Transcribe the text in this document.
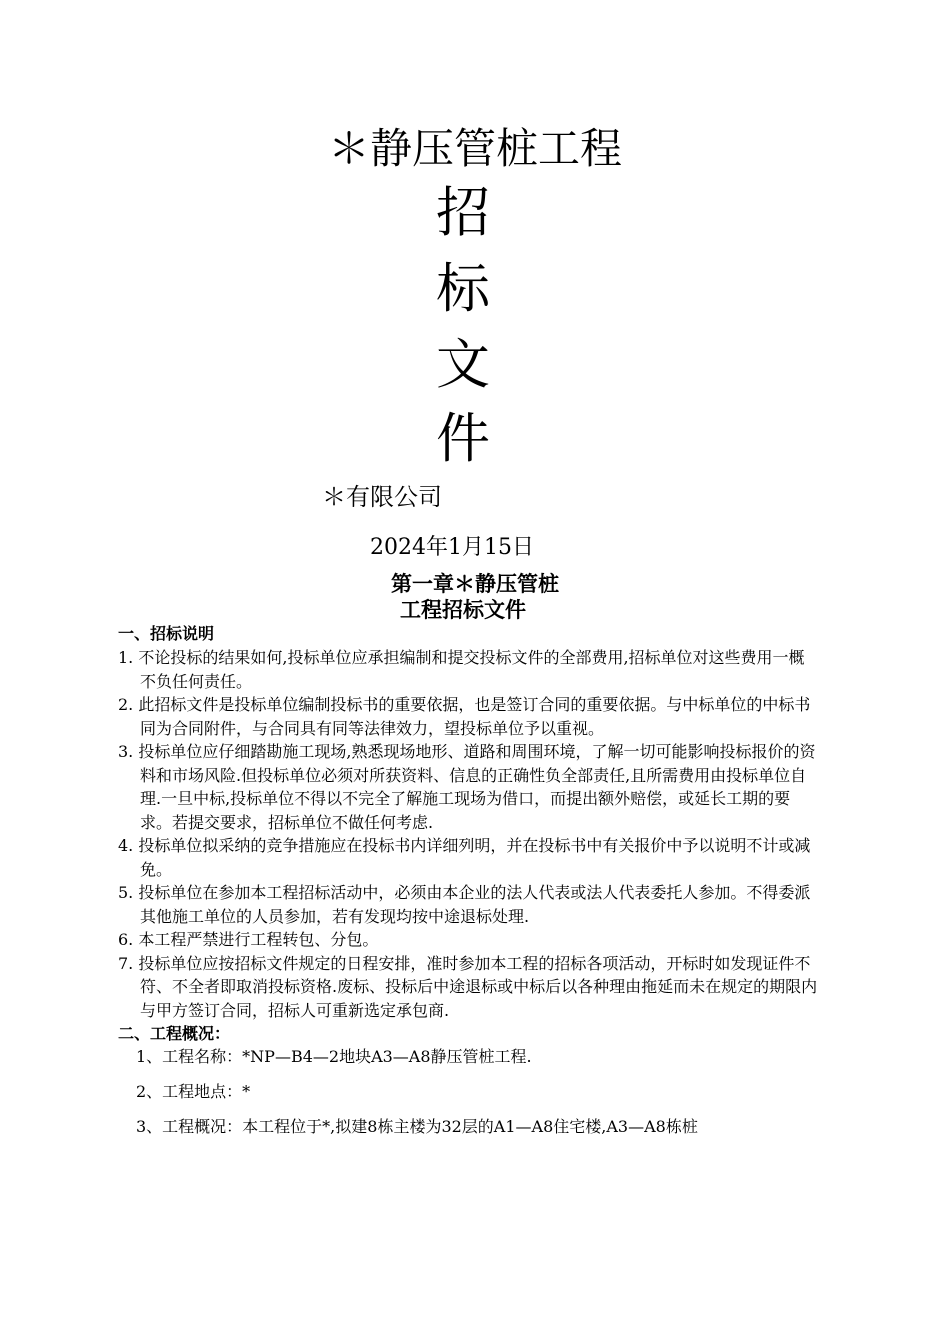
＊静压管桩工程
招
标
文
件
＊有限公司
2024年1月15日
第一章＊静压管桩
工程招标文件
一、招标说明
1. 不论投标的结果如何,投标单位应承担编制和提交投标文件的全部费用,招标单位对这些费用一概不负任何责任。
2. 此招标文件是投标单位编制投标书的重要依据，也是签订合同的重要依据。与中标单位的中标书同为合同附件，与合同具有同等法律效力，望投标单位予以重视。
3. 投标单位应仔细踏勘施工现场,熟悉现场地形、道路和周围环境，了解一切可能影响投标报价的资料和市场风险.但投标单位必须对所获资料、信息的正确性负全部责任,且所需费用由投标单位自理.一旦中标,投标单位不得以不完全了解施工现场为借口，而提出额外赔偿，或延长工期的要求。若提交要求，招标单位不做任何考虑.
4. 投标单位拟采纳的竞争措施应在投标书内详细列明，并在投标书中有关报价中予以说明不计或减免。
5. 投标单位在参加本工程招标活动中，必须由本企业的法人代表或法人代表委托人参加。不得委派其他施工单位的人员参加，若有发现均按中途退标处理.
6. 本工程严禁进行工程转包、分包。
7. 投标单位应按招标文件规定的日程安排，准时参加本工程的招标各项活动，开标时如发现证件不符、不全者即取消投标资格.废标、投标后中途退标或中标后以各种理由拖延而未在规定的期限内与甲方签订合同，招标人可重新选定承包商.
二、工程概况：
1、工程名称：*NP—B4—2地块A3—A8静压管桩工程.
2、工程地点：*
3、工程概况：本工程位于*,拟建8栋主楼为32层的A1—A8住宅楼,A3—A8栋桩
